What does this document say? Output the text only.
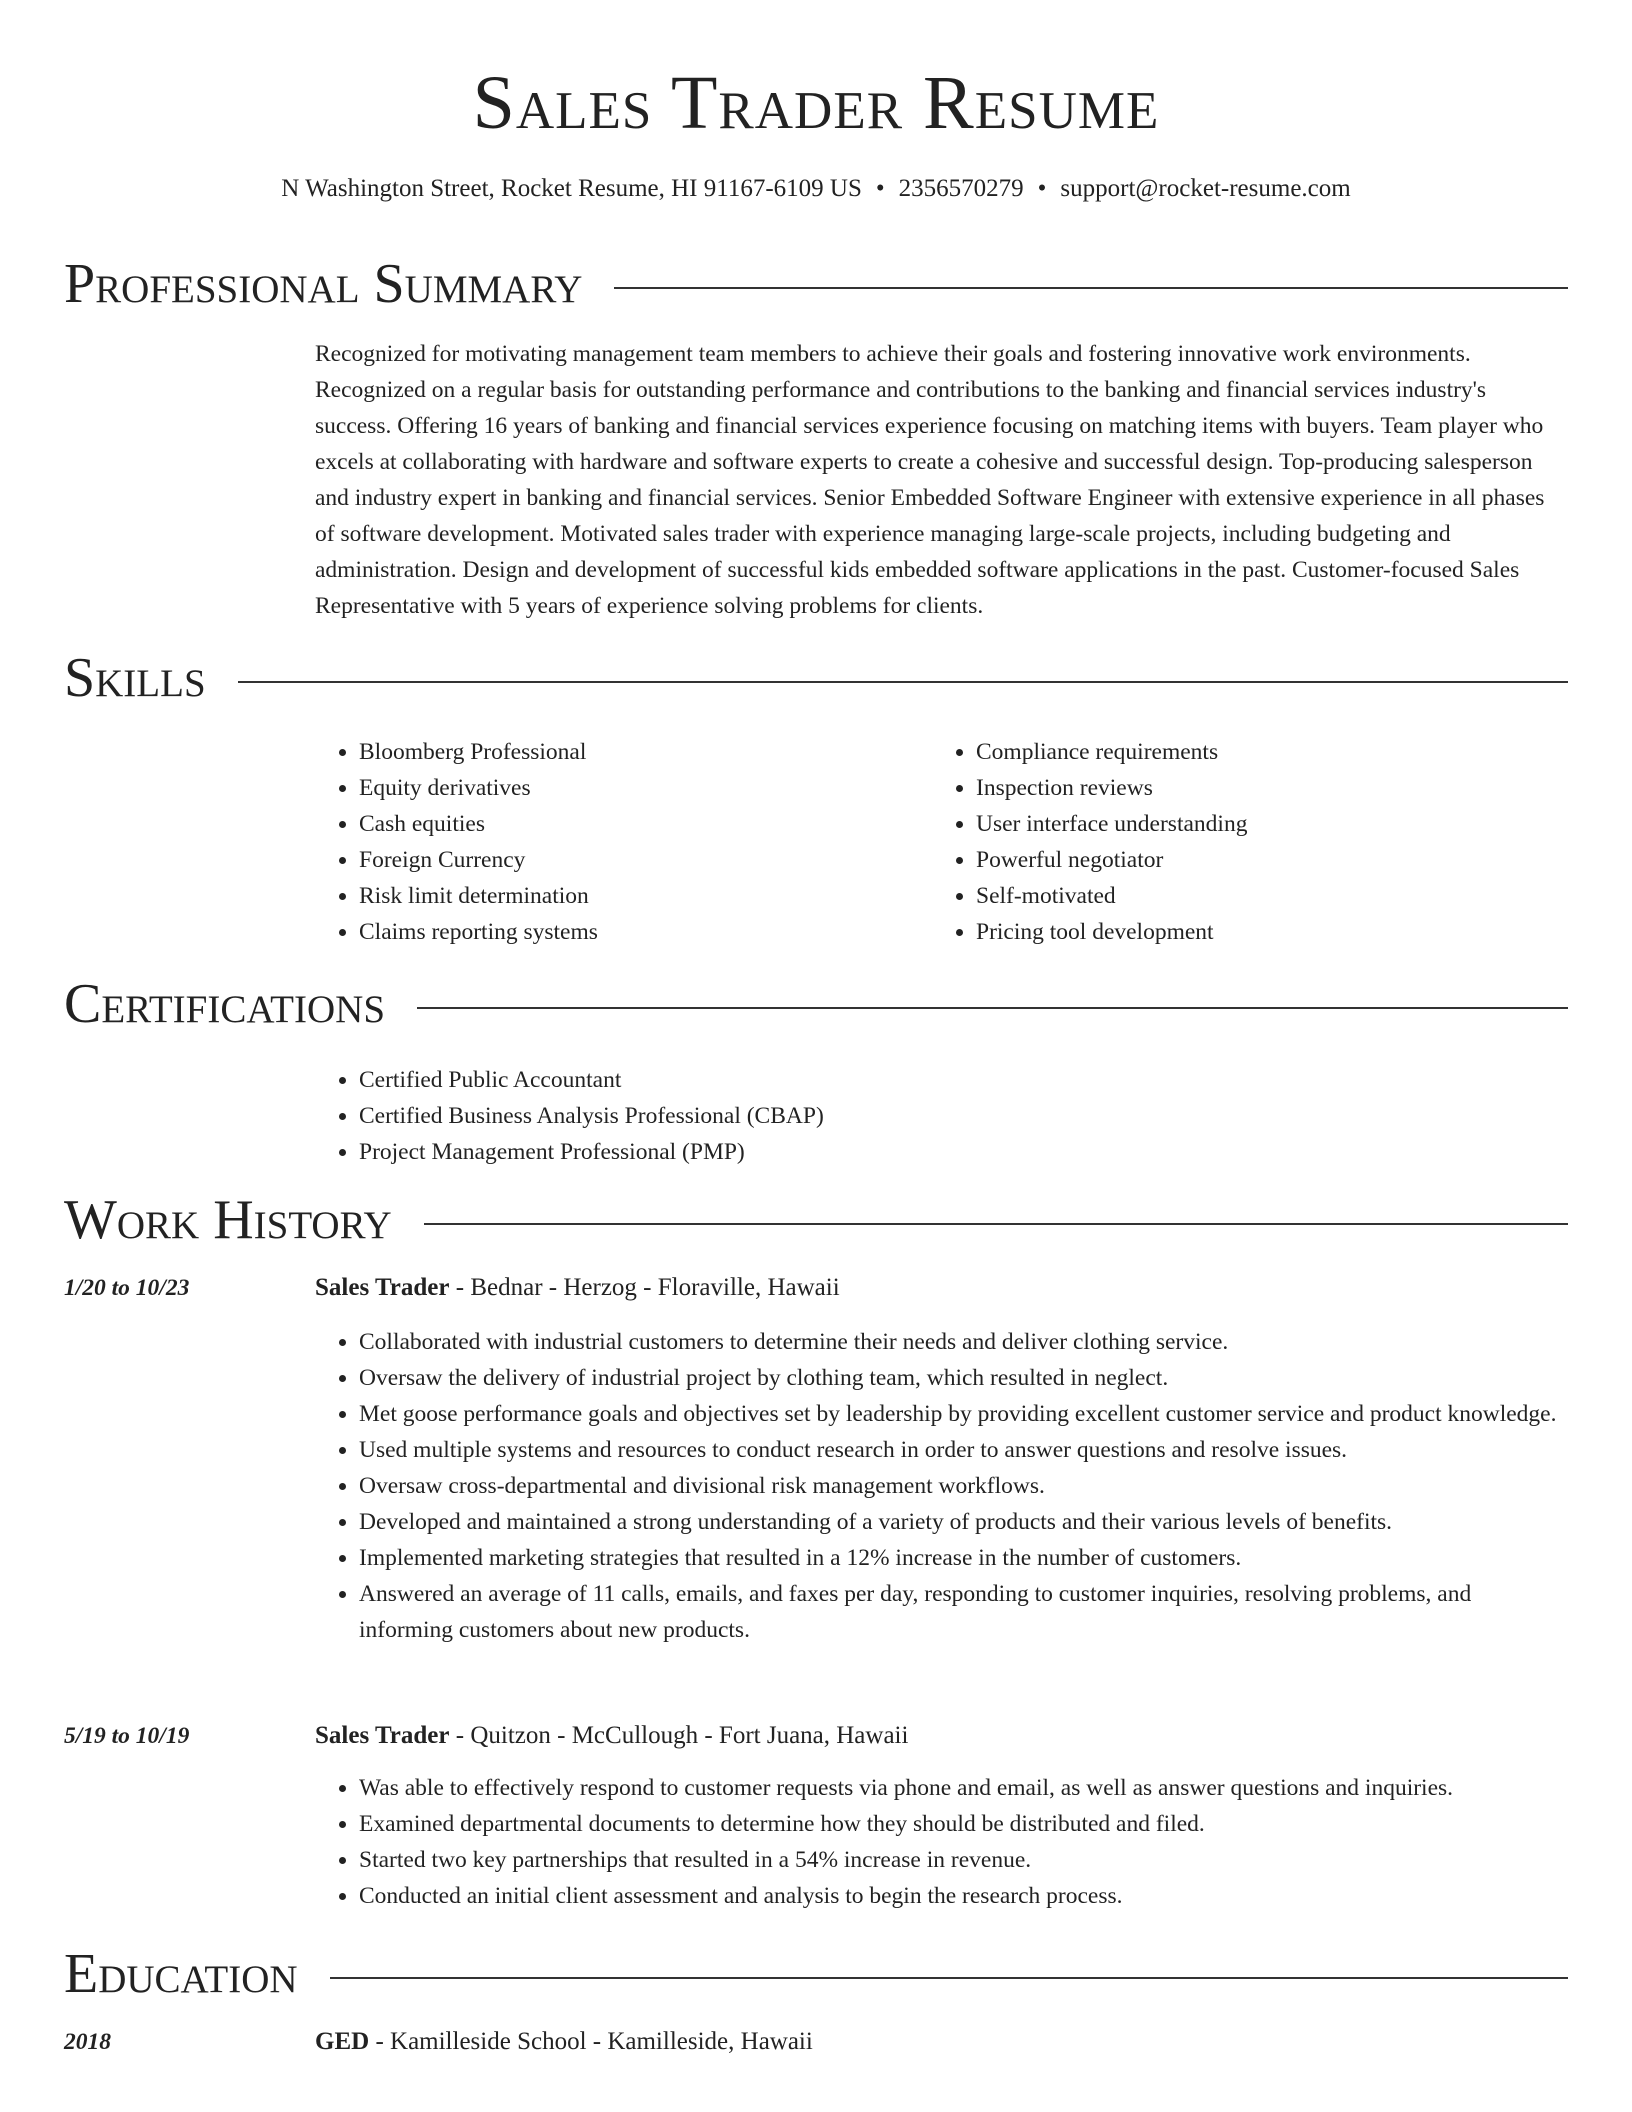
Sales Trader Resume
N Washington Street, Rocket Resume, HI 91167-6109 US • 2356570279 • support@rocket-resume.com
Professional Summary

Recognized for motivating management team members to achieve their goals and fostering innovative work environments. Recognized on a regular basis for outstanding performance and contributions to the banking and financial services industry's success. Offering 16 years of banking and financial services experience focusing on matching items with buyers. Team player who excels at collaborating with hardware and software experts to create a cohesive and successful design. Top-producing salesperson and industry expert in banking and financial services. Senior Embedded Software Engineer with extensive experience in all phases of software development. Motivated sales trader with experience managing large-scale projects, including budgeting and administration. Design and development of successful kids embedded software applications in the past. Customer-focused Sales Representative with 5 years of experience solving problems for clients.

Skills
• Bloomberg Professional
• Equity derivatives
• Cash equities
• Foreign Currency
• Risk limit determination
• Claims reporting systems
• Compliance requirements
• Inspection reviews
• User interface understanding
• Powerful negotiator
• Self-motivated
• Pricing tool development
Certifications
• Certified Public Accountant
• Certified Business Analysis Professional (CBAP)
• Project Management Professional (PMP)
Work History
1/20 to 10/23	Sales Trader - Bednar - Herzog - Floraville, Hawaii
• Collaborated with industrial customers to determine their needs and deliver clothing service.
• Oversaw the delivery of industrial project by clothing team, which resulted in neglect.
• Met goose performance goals and objectives set by leadership by providing excellent customer service and product knowledge.
• Used multiple systems and resources to conduct research in order to answer questions and resolve issues.
• Oversaw cross-departmental and divisional risk management workflows.
• Developed and maintained a strong understanding of a variety of products and their various levels of benefits.
• Implemented marketing strategies that resulted in a 12% increase in the number of customers.
• Answered an average of 11 calls, emails, and faxes per day, responding to customer inquiries, resolving problems, and informing customers about new products.
5/19 to 10/19	Sales Trader - Quitzon - McCullough - Fort Juana, Hawaii
• Was able to effectively respond to customer requests via phone and email, as well as answer questions and inquiries.
• Examined departmental documents to determine how they should be distributed and filed.
• Started two key partnerships that resulted in a 54% increase in revenue.
• Conducted an initial client assessment and analysis to begin the research process.
Education
2018	GED - Kamilleside School - Kamilleside, Hawaii
